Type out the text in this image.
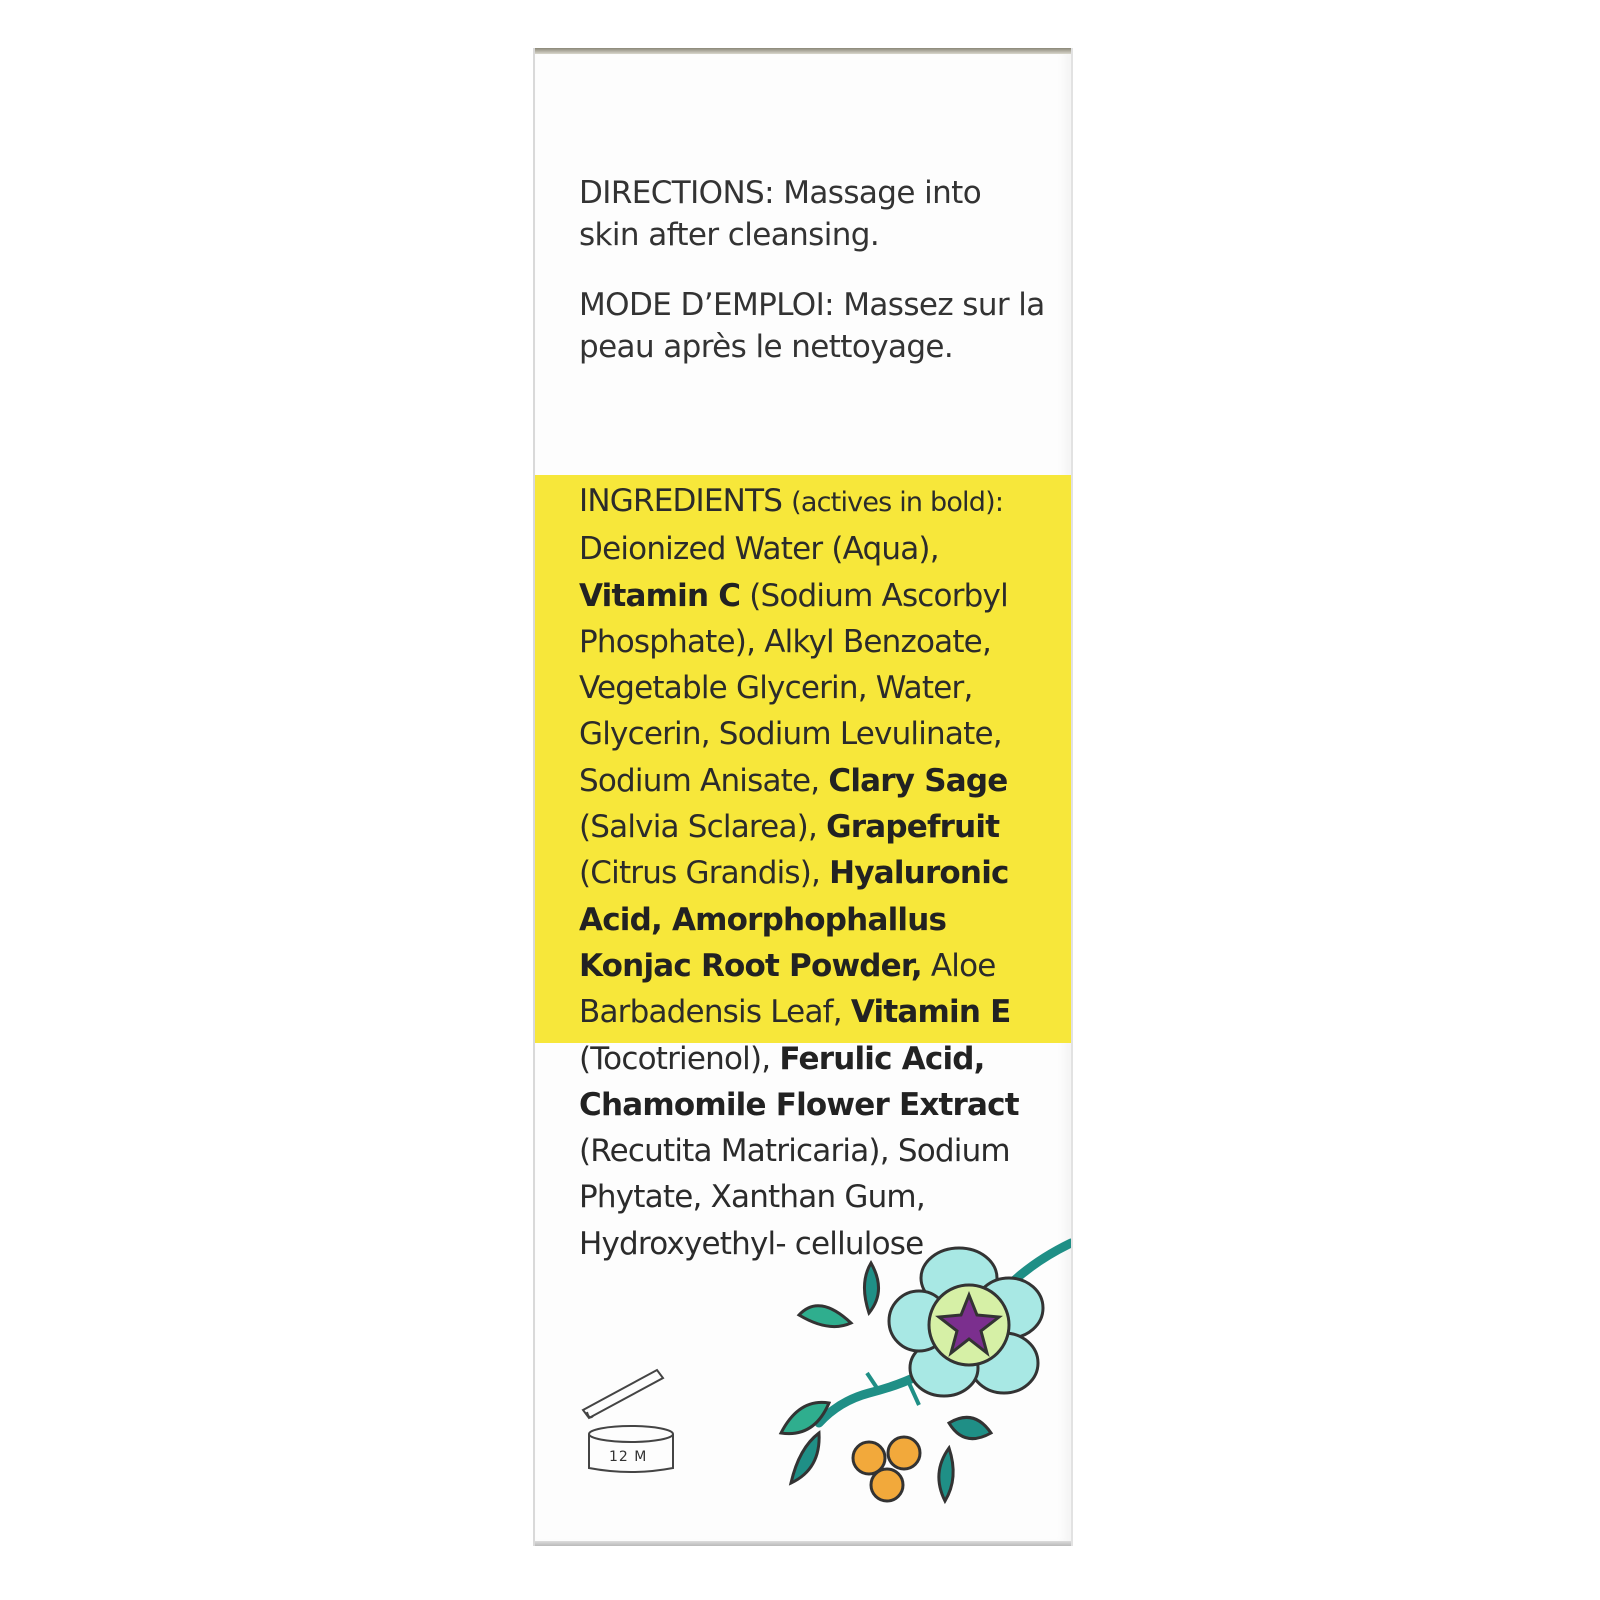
DIRECTIONS: Massage into skin after cleansing.
MODE D’EMPLOI: Massez sur la peau après le nettoyage.
INGREDIENTS (actives in bold):
Deionized Water (Aqua),
Vitamin C (Sodium Ascorbyl Phosphate), Alkyl Benzoate, Vegetable Glycerin, Water, Glycerin, Sodium Levulinate, Sodium Anisate, Clary Sage (Salvia Sclarea), Grapefruit (Citrus Grandis), Hyaluronic Acid, Amorphophallus Konjac Root Powder, Aloe Barbadensis Leaf, Vitamin E (Tocotrienol), Ferulic Acid, Chamomile Flower Extract (Recutita Matricaria), Sodium Phytate, Xanthan Gum, Hydroxyethyl- cellulose
12 M
